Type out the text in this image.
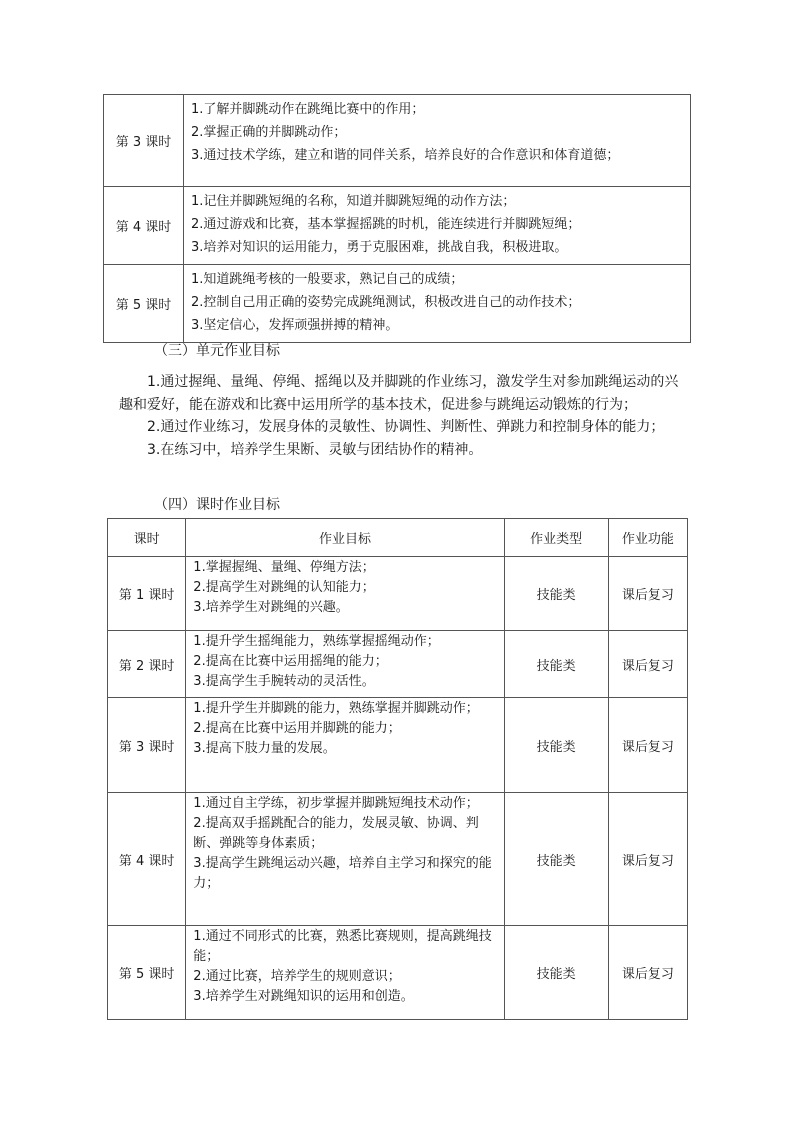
第 3 课时	1.了解并脚跳动作在跳绳比赛中的作用；
2.掌握正确的并脚跳动作；
3.通过技术学练，建立和谐的同伴关系，培养良好的合作意识和体育道德；

第 4 课时	1.记住并脚跳短绳的名称，知道并脚跳短绳的动作方法；
2.通过游戏和比赛，基本掌握摇跳的时机，能连续进行并脚跳短绳；
3.培养对知识的运用能力，勇于克服困难，挑战自我，积极进取。

第 5 课时	1.知道跳绳考核的一般要求，熟记自己的成绩；
2.控制自己用正确的姿势完成跳绳测试，积极改进自己的动作技术；
3.坚定信心，发挥顽强拼搏的精神。
（三）单元作业目标

1.通过握绳、量绳、停绳、摇绳以及并脚跳的作业练习，激发学生对参加跳绳运动的兴趣和爱好，能在游戏和比赛中运用所学的基本技术，促进参与跳绳运动锻炼的行为；

2.通过作业练习，发展身体的灵敏性、协调性、判断性、弹跳力和控制身体的能力；

3.在练习中，培养学生果断、灵敏与团结协作的精神。

（四）课时作业目标
课时	作业目标	作业类型	作业功能
第 1 课时	1.掌握握绳、量绳、停绳方法；
2.提高学生对跳绳的认知能力；
3.培养学生对跳绳的兴趣。	技能类	课后复习
第 2 课时	1.提升学生摇绳能力，熟练掌握摇绳动作；
2.提高在比赛中运用摇绳的能力；
3.提高学生手腕转动的灵活性。	技能类	课后复习
第 3 课时	1.提升学生并脚跳的能力，熟练掌握并脚跳动作；
2.提高在比赛中运用并脚跳的能力；
3.提高下肢力量的发展。	技能类	课后复习
第 4 课时	1.通过自主学练，初步掌握并脚跳短绳技术动作；
2.提高双手摇跳配合的能力，发展灵敏、协调、判断、弹跳等身体素质；
3.提高学生跳绳运动兴趣，培养自主学习和探究的能力；	技能类	课后复习
第 5 课时	1.通过不同形式的比赛，熟悉比赛规则，提高跳绳技能；
2.通过比赛，培养学生的规则意识；
3.培养学生对跳绳知识的运用和创造。	技能类	课后复习
